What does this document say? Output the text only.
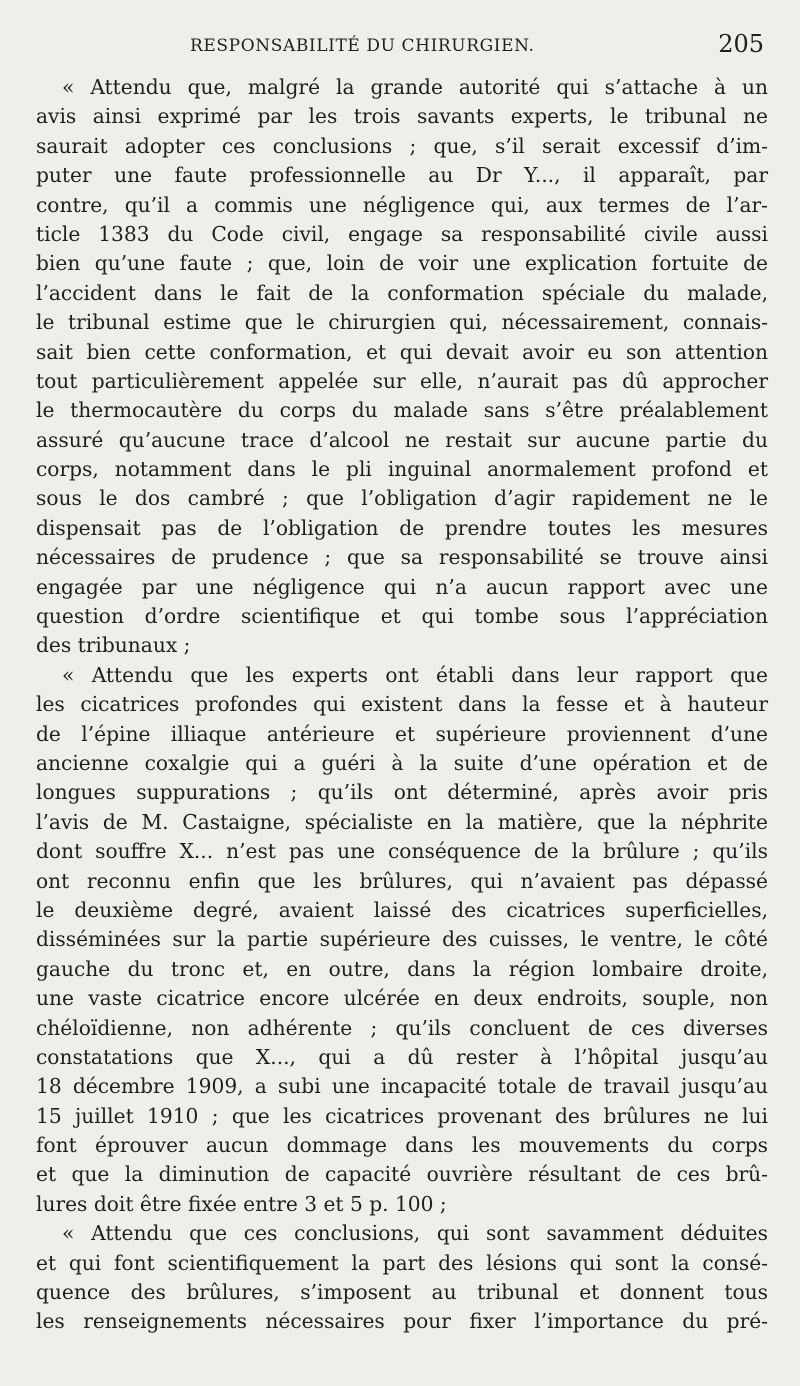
RESPONSABILITÉ DU CHIRURGIEN.	205
« Attendu que, malgré la grande autorité qui s’attache à un
avis ainsi exprimé par les trois savants experts, le tribunal ne
saurait adopter ces conclusions ; que, s’il serait excessif d’im-
puter une faute professionnelle au Dr Y..., il apparaît, par
contre, qu’il a commis une négligence qui, aux termes de l’ar-
ticle 1383 du Code civil, engage sa responsabilité civile aussi
bien qu’une faute ; que, loin de voir une explication fortuite de
l’accident dans le fait de la conformation spéciale du malade,
le tribunal estime que le chirurgien qui, nécessairement, connais-
sait bien cette conformation, et qui devait avoir eu son attention
tout particulièrement appelée sur elle, n’aurait pas dû approcher
le thermocautère du corps du malade sans s’être préalablement
assuré qu’aucune trace d’alcool ne restait sur aucune partie du
corps, notamment dans le pli inguinal anormalement profond et
sous le dos cambré ; que l’obligation d’agir rapidement ne le
dispensait pas de l’obligation de prendre toutes les mesures
nécessaires de prudence ; que sa responsabilité se trouve ainsi
engagée par une négligence qui n’a aucun rapport avec une
question d’ordre scientifique et qui tombe sous l’appréciation
des tribunaux ;
« Attendu que les experts ont établi dans leur rapport que
les cicatrices profondes qui existent dans la fesse et à hauteur
de l’épine illiaque antérieure et supérieure proviennent d’une
ancienne coxalgie qui a guéri à la suite d’une opération et de
longues suppurations ; qu’ils ont déterminé, après avoir pris
l’avis de M. Castaigne, spécialiste en la matière, que la néphrite
dont souffre X... n’est pas une conséquence de la brûlure ; qu’ils
ont reconnu enfin que les brûlures, qui n’avaient pas dépassé
le deuxième degré, avaient laissé des cicatrices superficielles,
disséminées sur la partie supérieure des cuisses, le ventre, le côté
gauche du tronc et, en outre, dans la région lombaire droite,
une vaste cicatrice encore ulcérée en deux endroits, souple, non
chéloïdienne, non adhérente ; qu’ils concluent de ces diverses
constatations que X..., qui a dû rester à l’hôpital jusqu’au
18 décembre 1909, a subi une incapacité totale de travail jusqu’au
15 juillet 1910 ; que les cicatrices provenant des brûlures ne lui
font éprouver aucun dommage dans les mouvements du corps
et que la diminution de capacité ouvrière résultant de ces brû-
lures doit être fixée entre 3 et 5 p. 100 ;
« Attendu que ces conclusions, qui sont savamment déduites
et qui font scientifiquement la part des lésions qui sont la consé-
quence des brûlures, s’imposent au tribunal et donnent tous
les renseignements nécessaires pour fixer l’importance du pré-
